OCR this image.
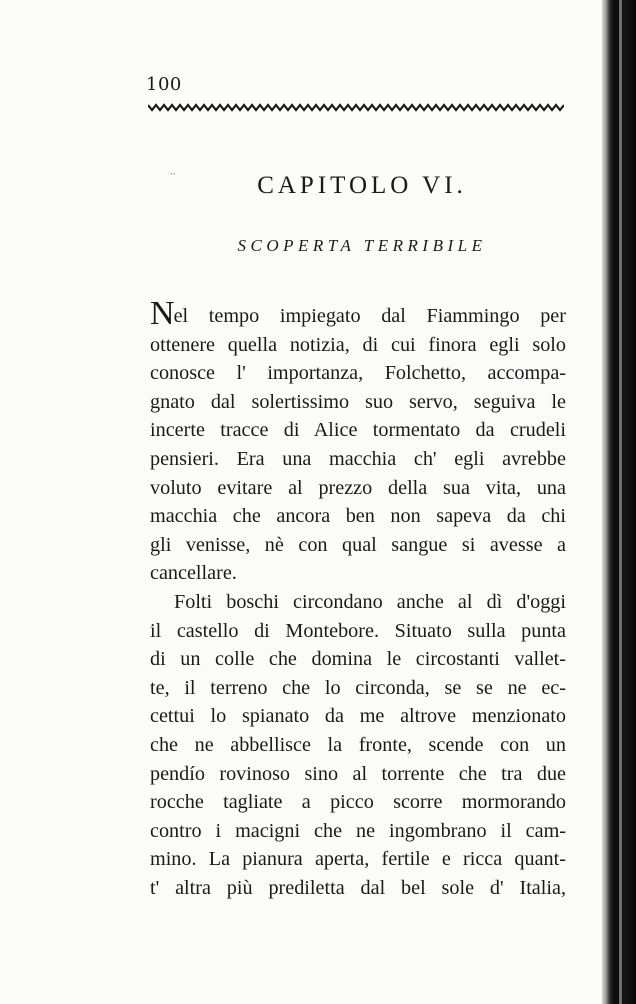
100
‧‧	CAPITOLO VI.
SCOPERTA TERRIBILE

Nel tempo impiegato dal Fiammingo per
ottenere quella notizia, di cui finora egli solo
conosce l' importanza, Folchetto, accompa-
gnato dal solertissimo suo servo, seguiva le
incerte tracce di Alice tormentato da crudeli
pensieri. Era una macchia ch' egli avrebbe
voluto evitare al prezzo della sua vita, una
macchia che ancora ben non sapeva da chi
gli venisse, nè con qual sangue si avesse a
cancellare.

Folti boschi circondano anche al dì d'oggi
il castello di Montebore. Situato sulla punta
di un colle che domina le circostanti vallet-
te, il terreno che lo circonda, se se ne ec-
cettui lo spianato da me altrove menzionato
che ne abbellisce la fronte, scende con un
pendío rovinoso sino al torrente che tra due
rocche tagliate a picco scorre mormorando
contro i macigni che ne ingombrano il cam-
mino. La pianura aperta, fertile e ricca quant-
t' altra più prediletta dal bel sole d' Italia,
